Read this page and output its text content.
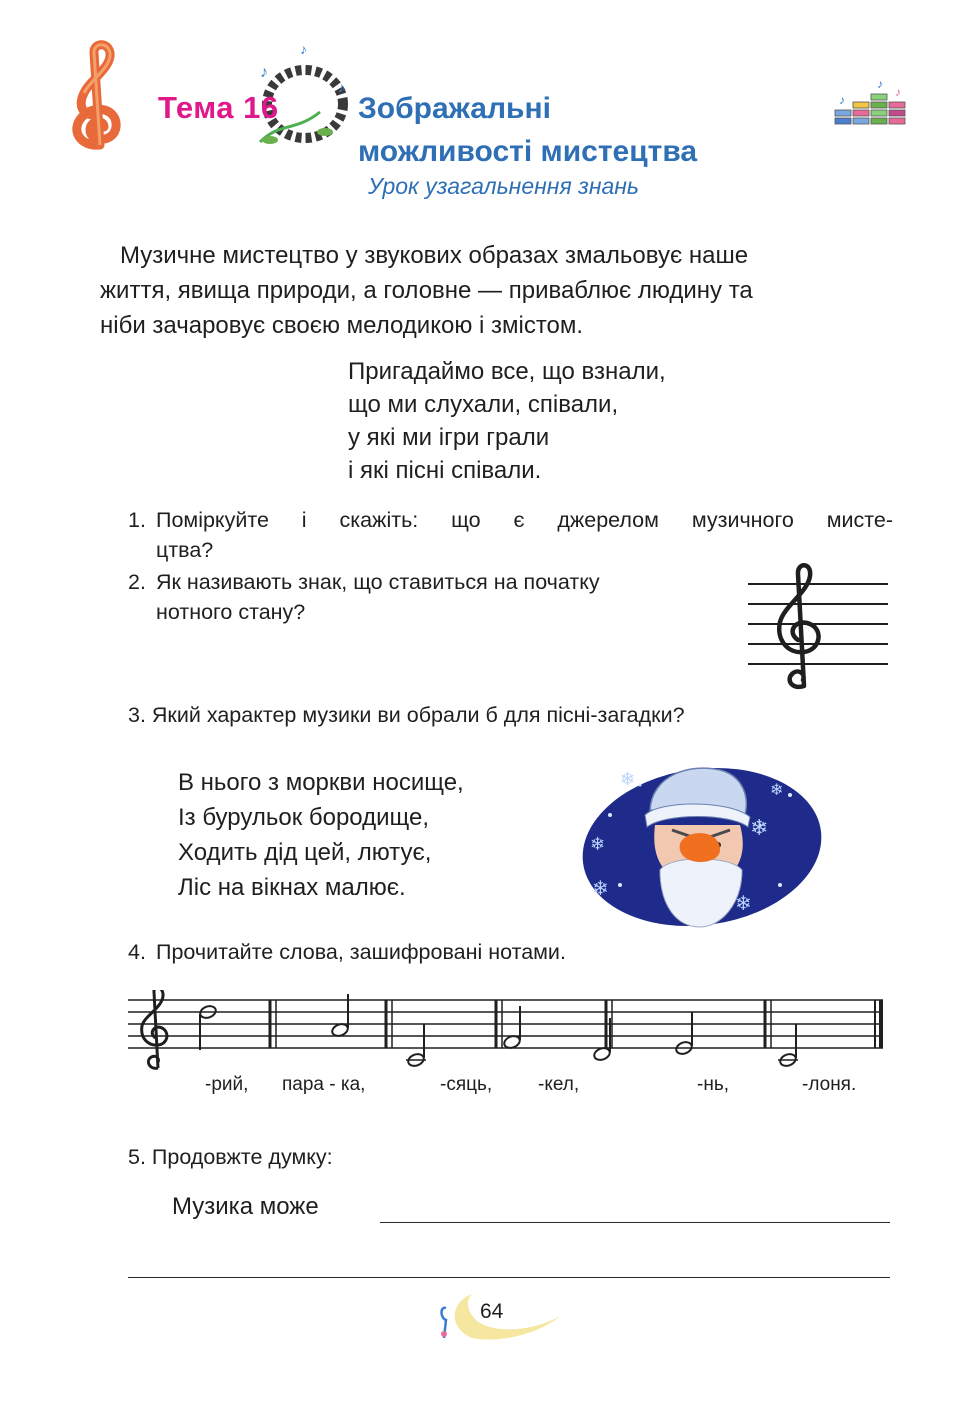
♪
♪
♪
Тема 16	Зображальні
можливості мистецтва
Урок узагальнення знань
♪
♪
♪
Музичне мистецтво у звукових образах змальовує наше
життя, явища природи, а головне — приваблює людину та
ніби зачаровує своєю мелодикою і змістом.
Пригадаймо все, що взнали,
що ми слухали, співали,
у які ми ігри грали
і які пісні співали.
1. Поміркуйте і скажіть: що є джерелом музичного мисте-
цтва?
2. Як називають знак, що ставиться на початку
нотного стану?
3. Який характер музики ви обрали б для пісні-загадки?
В нього з моркви носище,
Із бурульок бородище,
Ходить дід цей, лютує,
Ліс на вікнах малює.
❄
❄
❄
❄
❄
❄
4. Прочитайте слова, зашифровані нотами.
-рий, пара - ка,	-сяць, -кел,	-нь,	-лоня.
5. Продовжте думку:
Музика може
64
